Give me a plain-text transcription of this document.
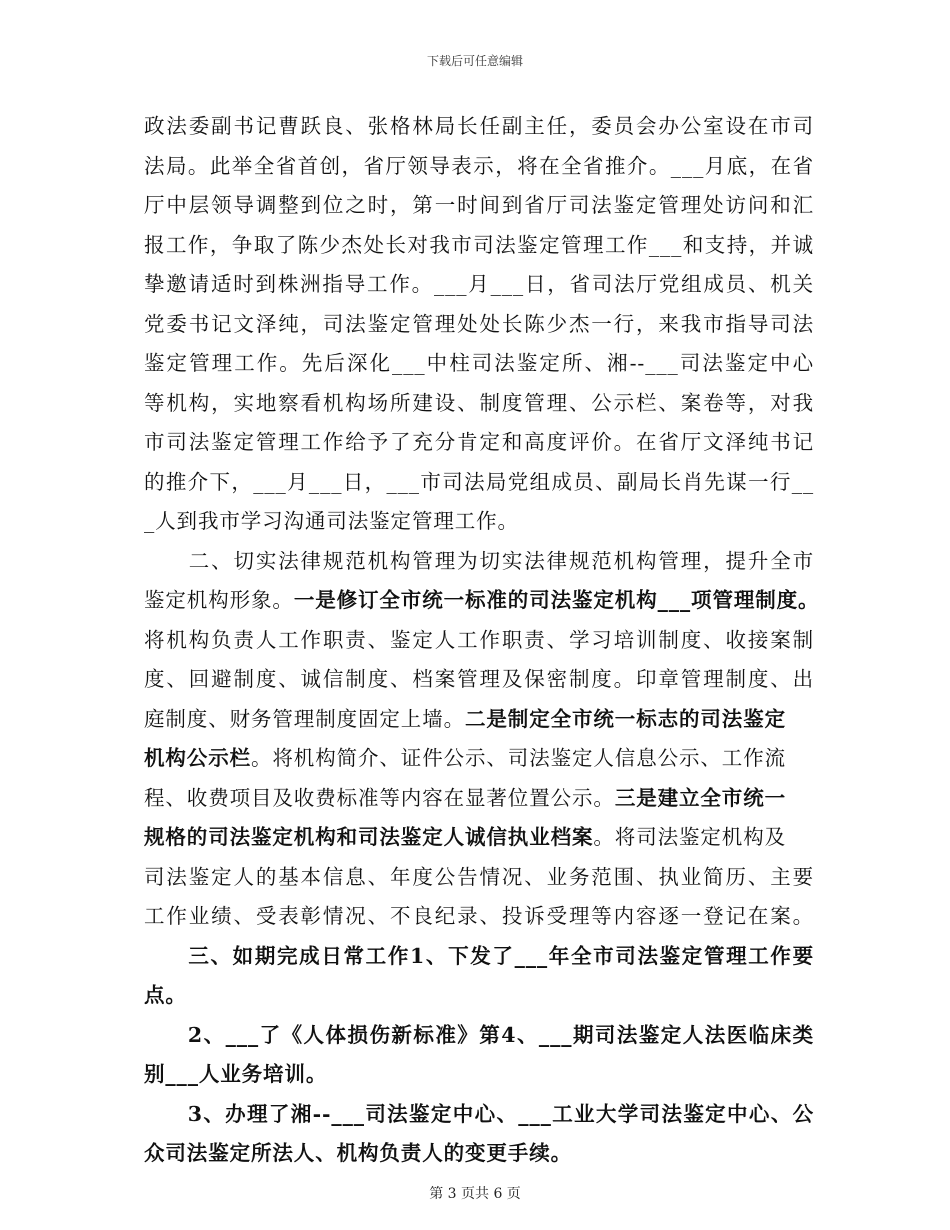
下载后可任意编辑
政法委副书记曹跃良、张格林局长任副主任，委员会办公室设在市司
法局。此举全省首创，省厅领导表示，将在全省推介。___月底，在省
厅中层领导调整到位之时，第一时间到省厅司法鉴定管理处访问和汇
报工作，争取了陈少杰处长对我市司法鉴定管理工作___和支持，并诚
挚邀请适时到株洲指导工作。___月___日，省司法厅党组成员、机关
党委书记文泽纯，司法鉴定管理处处长陈少杰一行，来我市指导司法
鉴定管理工作。先后深化___中柱司法鉴定所、湘--___司法鉴定中心
等机构，实地察看机构场所建设、制度管理、公示栏、案卷等，对我
市司法鉴定管理工作给予了充分肯定和高度评价。在省厅文泽纯书记
的推介下，___月___日，___市司法局党组成员、副局长肖先谋一行__
_人到我市学习沟通司法鉴定管理工作。
　　二、切实法律规范机构管理为切实法律规范机构管理，提升全市
鉴定机构形象。一是修订全市统一标准的司法鉴定机构___项管理制度。
将机构负责人工作职责、鉴定人工作职责、学习培训制度、收接案制
度、回避制度、诚信制度、档案管理及保密制度。印章管理制度、出
庭制度、财务管理制度固定上墙。二是制定全市统一标志的司法鉴定
机构公示栏。将机构简介、证件公示、司法鉴定人信息公示、工作流
程、收费项目及收费标准等内容在显著位置公示。三是建立全市统一
规格的司法鉴定机构和司法鉴定人诚信执业档案。将司法鉴定机构及
司法鉴定人的基本信息、年度公告情况、业务范围、执业简历、主要
工作业绩、受表彰情况、不良纪录、投诉受理等内容逐一登记在案。
　　三、如期完成日常工作1、下发了___年全市司法鉴定管理工作要
点。
　　2、___了《人体损伤新标准》第4、___期司法鉴定人法医临床类
别___人业务培训。
　　3、办理了湘--___司法鉴定中心、___工业大学司法鉴定中心、公
众司法鉴定所法人、机构负责人的变更手续。
第 3 页共 6 页
